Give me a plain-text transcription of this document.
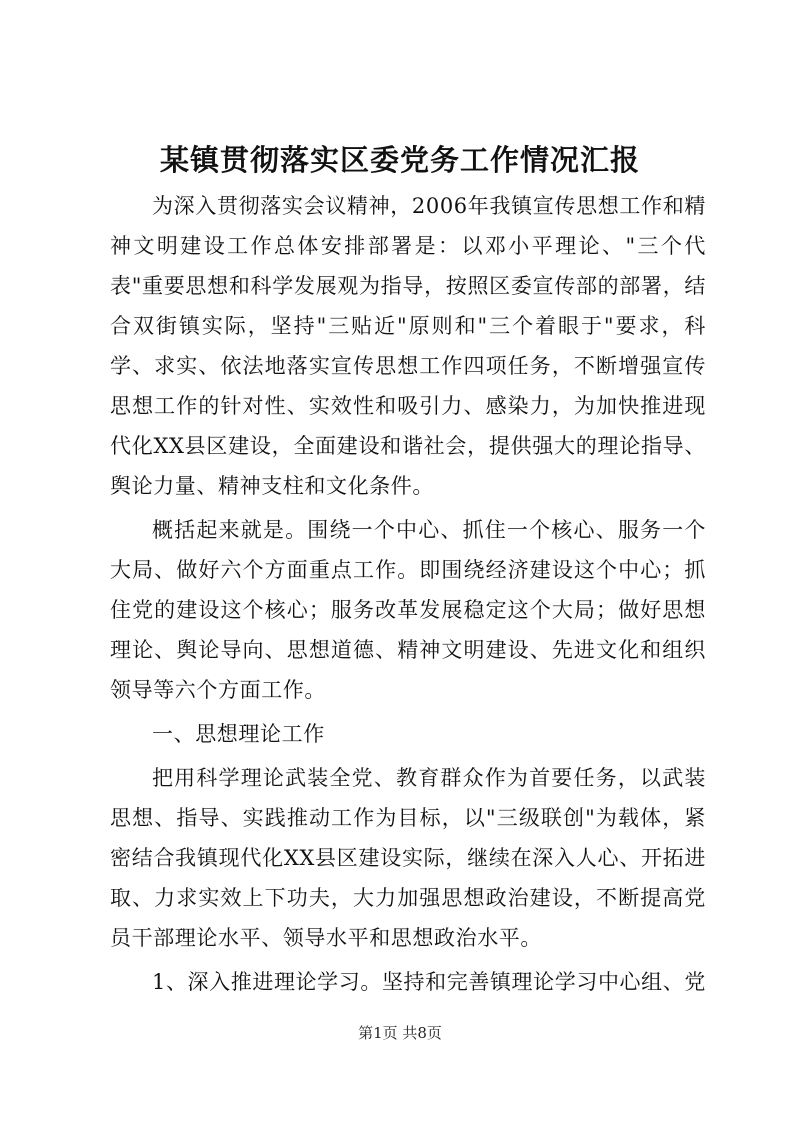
某镇贯彻落实区委党务工作情况汇报

为深入贯彻落实会议精神，2006年我镇宣传思想工作和精神文明建设工作总体安排部署是：以邓小平理论、"三个代表"重要思想和科学发展观为指导，按照区委宣传部的部署，结合双街镇实际，坚持"三贴近"原则和"三个着眼于"要求，科学、求实、依法地落实宣传思想工作四项任务，不断增强宣传思想工作的针对性、实效性和吸引力、感染力，为加快推进现代化XX县区建设，全面建设和谐社会，提供强大的理论指导、舆论力量、精神支柱和文化条件。

概括起来就是。围绕一个中心、抓住一个核心、服务一个大局、做好六个方面重点工作。即围绕经济建设这个中心；抓住党的建设这个核心；服务改革发展稳定这个大局；做好思想理论、舆论导向、思想道德、精神文明建设、先进文化和组织领导等六个方面工作。

一、思想理论工作

把用科学理论武装全党、教育群众作为首要任务，以武装思想、指导、实践推动工作为目标，以"三级联创"为载体，紧密结合我镇现代化XX县区建设实际，继续在深入人心、开拓进取、力求实效上下功夫，大力加强思想政治建设，不断提高党员干部理论水平、领导水平和思想政治水平。

1、深入推进理论学习。坚持和完善镇理论学习中心组、党

第1页 共8页
